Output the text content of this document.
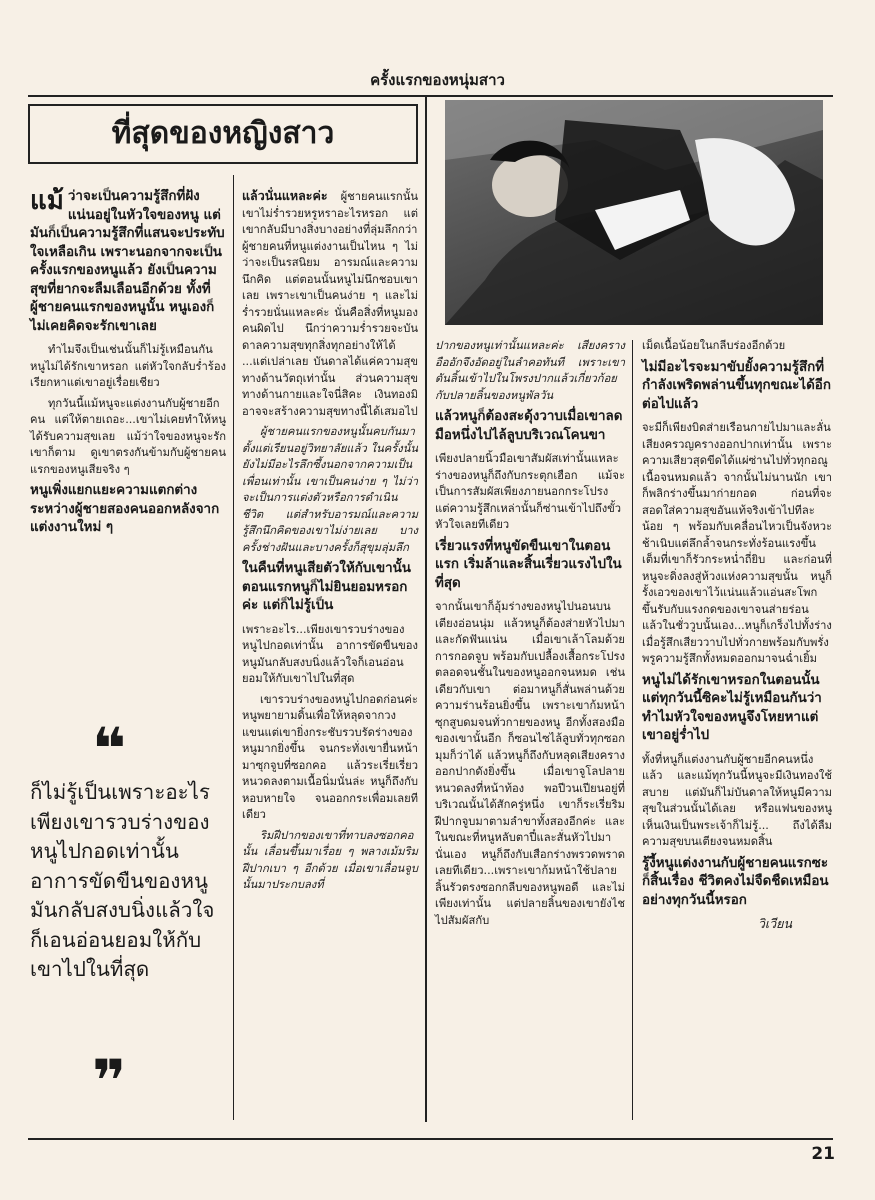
ครั้งแรกของหนุ่มสาว
ที่สุดของหญิงสาว

แม้ ว่าจะเป็นความรู้สึกที่ฝังแน่นอยู่ในหัวใจของหนู แต่มันก็เป็นความรู้สึกที่แสนจะประทับใจเหลือเกิน เพราะนอกจากจะเป็นครั้งแรกของหนูแล้ว ยังเป็นความสุขที่ยากจะลืมเลือนอีกด้วย ทั้งที่ผู้ชายคนแรกของหนูนั้น หนูเองก็ไม่เคยคิดจะรักเขาเลย

ทำไมจึงเป็นเช่นนั้นก็ไม่รู้เหมือนกัน หนูไม่ได้รักเขาหรอก แต่หัวใจกลับร่ำร้องเรียกหาแต่เขาอยู่เรื่อยเชียว

ทุกวันนี้แม้หนูจะแต่งงานกับผู้ชายอีกคน แต่ให้ตายเถอะ...เขาไม่เคยทำให้หนูได้รับความสุขเลย แม้ว่าใจของหนูจะรักเขาก็ตาม ดูเขาตรงกันข้ามกับผู้ชายคนแรกของหนูเสียจริง ๆ

หนูเพิ่งแยกแยะความแตกต่างระหว่างผู้ชายสองคนออกหลังจากแต่งงานใหม่ ๆ

❝
ก็ไม่รู้เป็นเพราะอะไร เพียงเขารวบร่างของหนูไปกอดเท่านั้น อาการขัดขืนของหนูมันกลับสงบนิ่งแล้วใจก็เอนอ่อนยอมให้กับเขาไปในที่สุด
❞

แล้วนั่นแหละค่ะ ผู้ชายคนแรกนั้นเขาไม่ร่ำรวยหรูหราอะไรหรอก แต่เขากลับมีบางสิ่งบางอย่างที่ลุ่มลึกกว่าผู้ชายคนที่หนูแต่งงานเป็นไหน ๆ ไม่ว่าจะเป็นรสนิยม อารมณ์และความนึกคิด แต่ตอนนั้นหนูไม่นึกชอบเขาเลย เพราะเขาเป็นคนง่าย ๆ และไม่ร่ำรวยนั่นแหละค่ะ นั่นคือสิ่งที่หนูมองคนผิดไป นึกว่าความร่ำรวยจะบันดาลความสุขทุกสิ่งทุกอย่างให้ได้ ...แต่เปล่าเลย บันดาลได้แค่ความสุขทางด้านวัตถุเท่านั้น ส่วนความสุขทางด้านกายและใจนี่สิคะ เงินทองมิอาจจะสร้างความสุขทางนี้ได้เสมอไป

ผู้ชายคนแรกของหนูนั้นคบกันมาตั้งแต่เรียนอยู่วิทยาลัยแล้ว ในครั้งนั้นยังไม่มีอะไรลึกซึ้งนอกจากความเป็นเพื่อนเท่านั้น เขาเป็นคนง่าย ๆ ไม่ว่าจะเป็นการแต่งตัวหรือการดำเนินชีวิต แต่สำหรับอารมณ์และความรู้สึกนึกคิดของเขาไม่ง่ายเลย บางครั้งช่างฝันและบางครั้งก็สุขุมลุ่มลึก

ในคืนที่หนูเสียตัวให้กับเขานั้น ตอนแรกหนูก็ไม่ยินยอมหรอกค่ะ แต่ก็ไม่รู้เป็น

เพราะอะไร...เพียงเขารวบร่างของหนูไปกอดเท่านั้น อาการขัดขืนของหนูมันกลับสงบนิ่งแล้วใจก็เอนอ่อนยอมให้กับเขาไปในที่สุด

เขารวบร่างของหนูไปกอดก่อนค่ะ หนูพยายามดิ้นเพื่อให้หลุดจากวงแขนแต่เขายิ่งกระชับรวบรัดร่างของหนูมากยิ่งขึ้น จนกระทั่งเขายื่นหน้ามาซุกจูบที่ซอกคอ แล้วระเรี่ยเรี่ยวหนวดลงตามเนื้อนิ่มนั่นล่ะ หนูก็ถึงกับหอบหายใจ จนออกกระเพื่อมเลยทีเดียว

ริมฝีปากของเขาที่ทาบลงซอกคอนั้น เลื่อนขึ้นมาเรื่อย ๆ พลางเม้มริมฝีปากเบา ๆ อีกด้วย เมื่อเขาเลื่อนจูบนั้นมาประกบลงที่

ปากของหนูเท่านั้นแหละค่ะ เสียงครางอืออักจึงอัดอยู่ในลำคอทันที เพราะเขาดันลิ้นเข้าไปในโพรงปากแล้วเกี่ยวก้อยกับปลายลิ้นของหนูพัลวัน

แล้วหนูก็ต้องสะดุ้งวาบเมื่อเขาลดมือหนึ่งไปไล้ลูบบริเวณโคนขา

เพียงปลายนิ้วมือเขาสัมผัสเท่านั้นแหละ ร่างของหนูก็ถึงกับกระตุกเฮือก แม้จะเป็นการสัมผัสเพียงภายนอกกระโปรง แต่ความรู้สึกเหล่านั้นก็ซ่านเข้าไปถึงขั้วหัวใจเลยทีเดียว

เรี่ยวแรงที่หนูขัดขืนเขาในตอนแรก เริ่มล้าและสิ้นเรี่ยวแรงไปในที่สุด

จากนั้นเขาก็อุ้มร่างของหนูไปนอนบนเตียงอ่อนนุ่ม แล้วหนูก็ต้องส่ายหัวไปมาและกัดฟันแน่น เมื่อเขาเล้าโลมด้วยการกอดจูบ พร้อมกับเปลื้องเสื้อกระโปรงตลอดจนชั้นในของหนูออกจนหมด เช่นเดียวกับเขา ต่อมาหนูก็สั่นพล่านด้วยความร่านร้อนยิ่งขึ้น เพราะเขาก้มหน้าซุกสูบดมจนทั่วกายของหนู อีกทั้งสองมือของเขานั้นอีก ก็ซอนไซไล้ลูบทั่วทุกซอกมุมก็ว่าได้ แล้วหนูก็ถึงกับหลุดเสียงครางออกปากดังยิ่งขึ้น เมื่อเขาจูโลปลายหนวดลงที่หน้าท้อง พอปีวนเปียนอยู่ที่บริเวณนั้นได้สักครู่หนึ่ง เขาก็ระเรี่ยริมฝีปากจูบมาตามลำขาทั้งสองอีกค่ะ และในขณะที่หนูหลับตาปี๋และสั่นหัวไปมานั่นเอง หนูก็ถึงกับเสือกร่างพรวดพราดเลยทีเดียว...เพราะเขาก้มหน้าใช้ปลายลิ้นรัวตรงซอกกลีบของหนูพอดี และไม่เพียงเท่านั้น แต่ปลายลิ้นของเขายังไชไปสัมผัสกับ

เม็ดเนื้อน้อยในกลีบร่องอีกด้วย

ไม่มีอะไรจะมาขับยั้งความรู้สึกที่กำลังเพริดพล่านขึ้นทุกขณะได้อีกต่อไปแล้ว

จะมีก็เพียงบิดส่ายเรือนกายไปมาและลั่นเสียงครวญครางออกปากเท่านั้น เพราะความเสียวสุดขีดได้แผ่ซ่านไปทั่วทุกอณูเนื้อจนหมดแล้ว จากนั้นไม่นานนัก เขาก็พลิกร่างขึ้นมาก่ายกอด ก่อนที่จะสอดใส่ความสุขอันแท้จริงเข้าไปทีละน้อย ๆ พร้อมกับเคลื่อนไหวเป็นจังหวะช้าเนิบแต่ลึกล้ำจนกระทั่งร้อนแรงขึ้นเต็มที่เขาก็รัวกระหน่ำถี่ยิบ และก่อนที่หนูจะดิ่งลงสู่ห้วงแห่งความสุขนั้น หนูก็รั้งเอวของเขาไว้แน่นแล้วแอ่นสะโพกขึ้นรับกับแรงกดของเขาจนส่ายร่อน แล้วในชั่ววูบนั้นเอง...หนูก็เกร็งไปทั้งร่าง เมื่อรู้สึกเสียววาบไปทั่วกายพร้อมกับพรั่งพรูความรู้สึกทั้งหมดออกมาจนฉ่ำเยิ้ม

หนูไม่ได้รักเขาหรอกในตอนนั้น แต่ทุกวันนี้ซิคะไม่รู้เหมือนกันว่าทำไมหัวใจของหนูจึงโหยหาแต่เขาอยู่ร่ำไป

ทั้งที่หนูก็แต่งงานกับผู้ชายอีกคนหนึ่งแล้ว และแม้ทุกวันนี้หนูจะมีเงินทองใช้สบาย แต่มันก็ไม่บันดาลให้หนูมีความสุขในส่วนนั้นได้เลย หรือแฟนของหนูเห็นเงินเป็นพระเจ้าก็ไม่รู้... ถึงได้ลืมความสุขบนเตียงจนหมดสิ้น

รู้งี้หนูแต่งงานกับผู้ชายคนแรกซะก็สิ้นเรื่อง ชีวิตคงไม่จืดชืดเหมือนอย่างทุกวันนี้หรอก

วิเวียน

21
